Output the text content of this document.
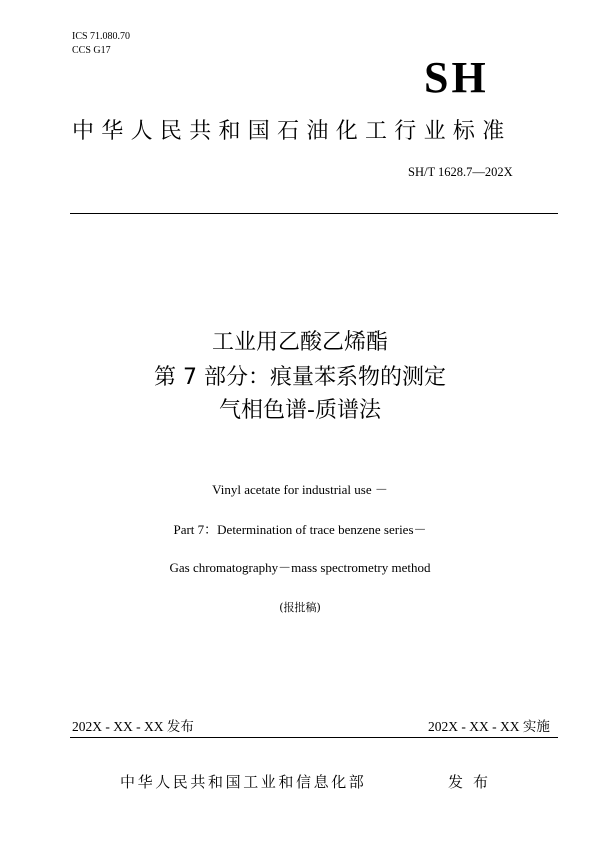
ICS 71.080.70
CCS G17
SH
中华人民共和国石油化工行业标准
SH/T 1628.7—202X
工业用乙酸乙烯酯
第 7 部分：痕量苯系物的测定
气相色谱-质谱法
Vinyl acetate for industrial use －
Part 7：Determination of trace benzene series－
Gas chromatography－mass spectrometry method
(报批稿)
202X - XX - XX 发布	202X - XX - XX 实施
中华人民共和国工业和信息化部	发布
